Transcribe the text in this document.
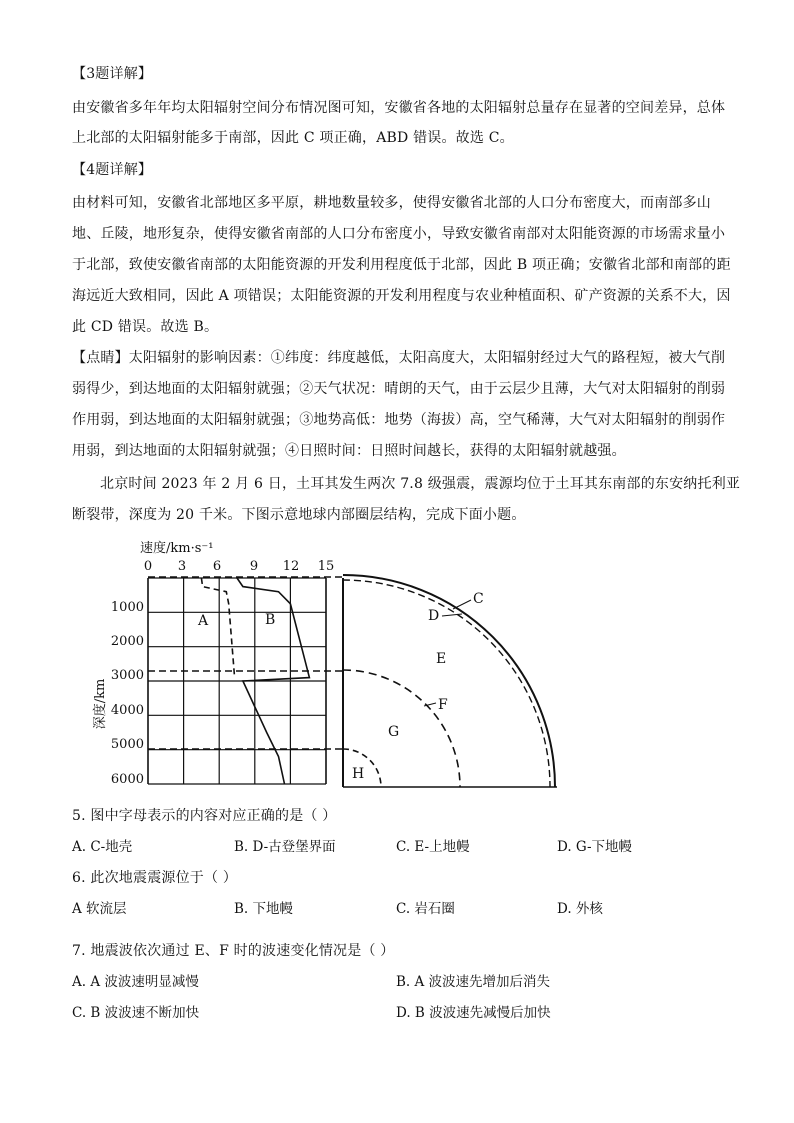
【3题详解】
由安徽省多年年均太阳辐射空间分布情况图可知，安徽省各地的太阳辐射总量存在显著的空间差异，总体
上北部的太阳辐射能多于南部，因此 C 项正确，ABD 错误。故选 C。
【4题详解】
由材料可知，安徽省北部地区多平原，耕地数量较多，使得安徽省北部的人口分布密度大，而南部多山
地、丘陵，地形复杂，使得安徽省南部的人口分布密度小，导致安徽省南部对太阳能资源的市场需求量小
于北部，致使安徽省南部的太阳能资源的开发利用程度低于北部，因此 B 项正确；安徽省北部和南部的距
海远近大致相同，因此 A 项错误；太阳能资源的开发利用程度与农业种植面积、矿产资源的关系不大，因
此 CD 错误。故选 B。
【点睛】太阳辐射的影响因素：①纬度：纬度越低，太阳高度大，太阳辐射经过大气的路程短，被大气削
弱得少，到达地面的太阳辐射就强；②天气状况：晴朗的天气，由于云层少且薄，大气对太阳辐射的削弱
作用弱，到达地面的太阳辐射就强；③地势高低：地势（海拔）高，空气稀薄，大气对太阳辐射的削弱作
用弱，到达地面的太阳辐射就强；④日照时间：日照时间越长，获得的太阳辐射就越强。
北京时间 2023 年 2 月 6 日，土耳其发生两次 7.8 级强震，震源均位于土耳其东南部的东安纳托利亚
断裂带，深度为 20 千米。下图示意地球内部圈层结构，完成下面小题。
速度/km·s⁻¹
深度/km
0 3 6 9 12 15
1000
2000
3000
4000
5000
6000
A	B
C
D
E
F
G
H
5. 图中字母表示的内容对应正确的是（ ）
A. C-地壳	B. D-古登堡界面	C. E-上地幔	D. G-下地幔
6. 此次地震震源位于（ ）
A 软流层	B. 下地幔	C. 岩石圈	D. 外核
7. 地震波依次通过 E、F 时的波速变化情况是（ ）
A. A 波波速明显减慢	B. A 波波速先增加后消失
C. B 波波速不断加快	D. B 波波速先减慢后加快
